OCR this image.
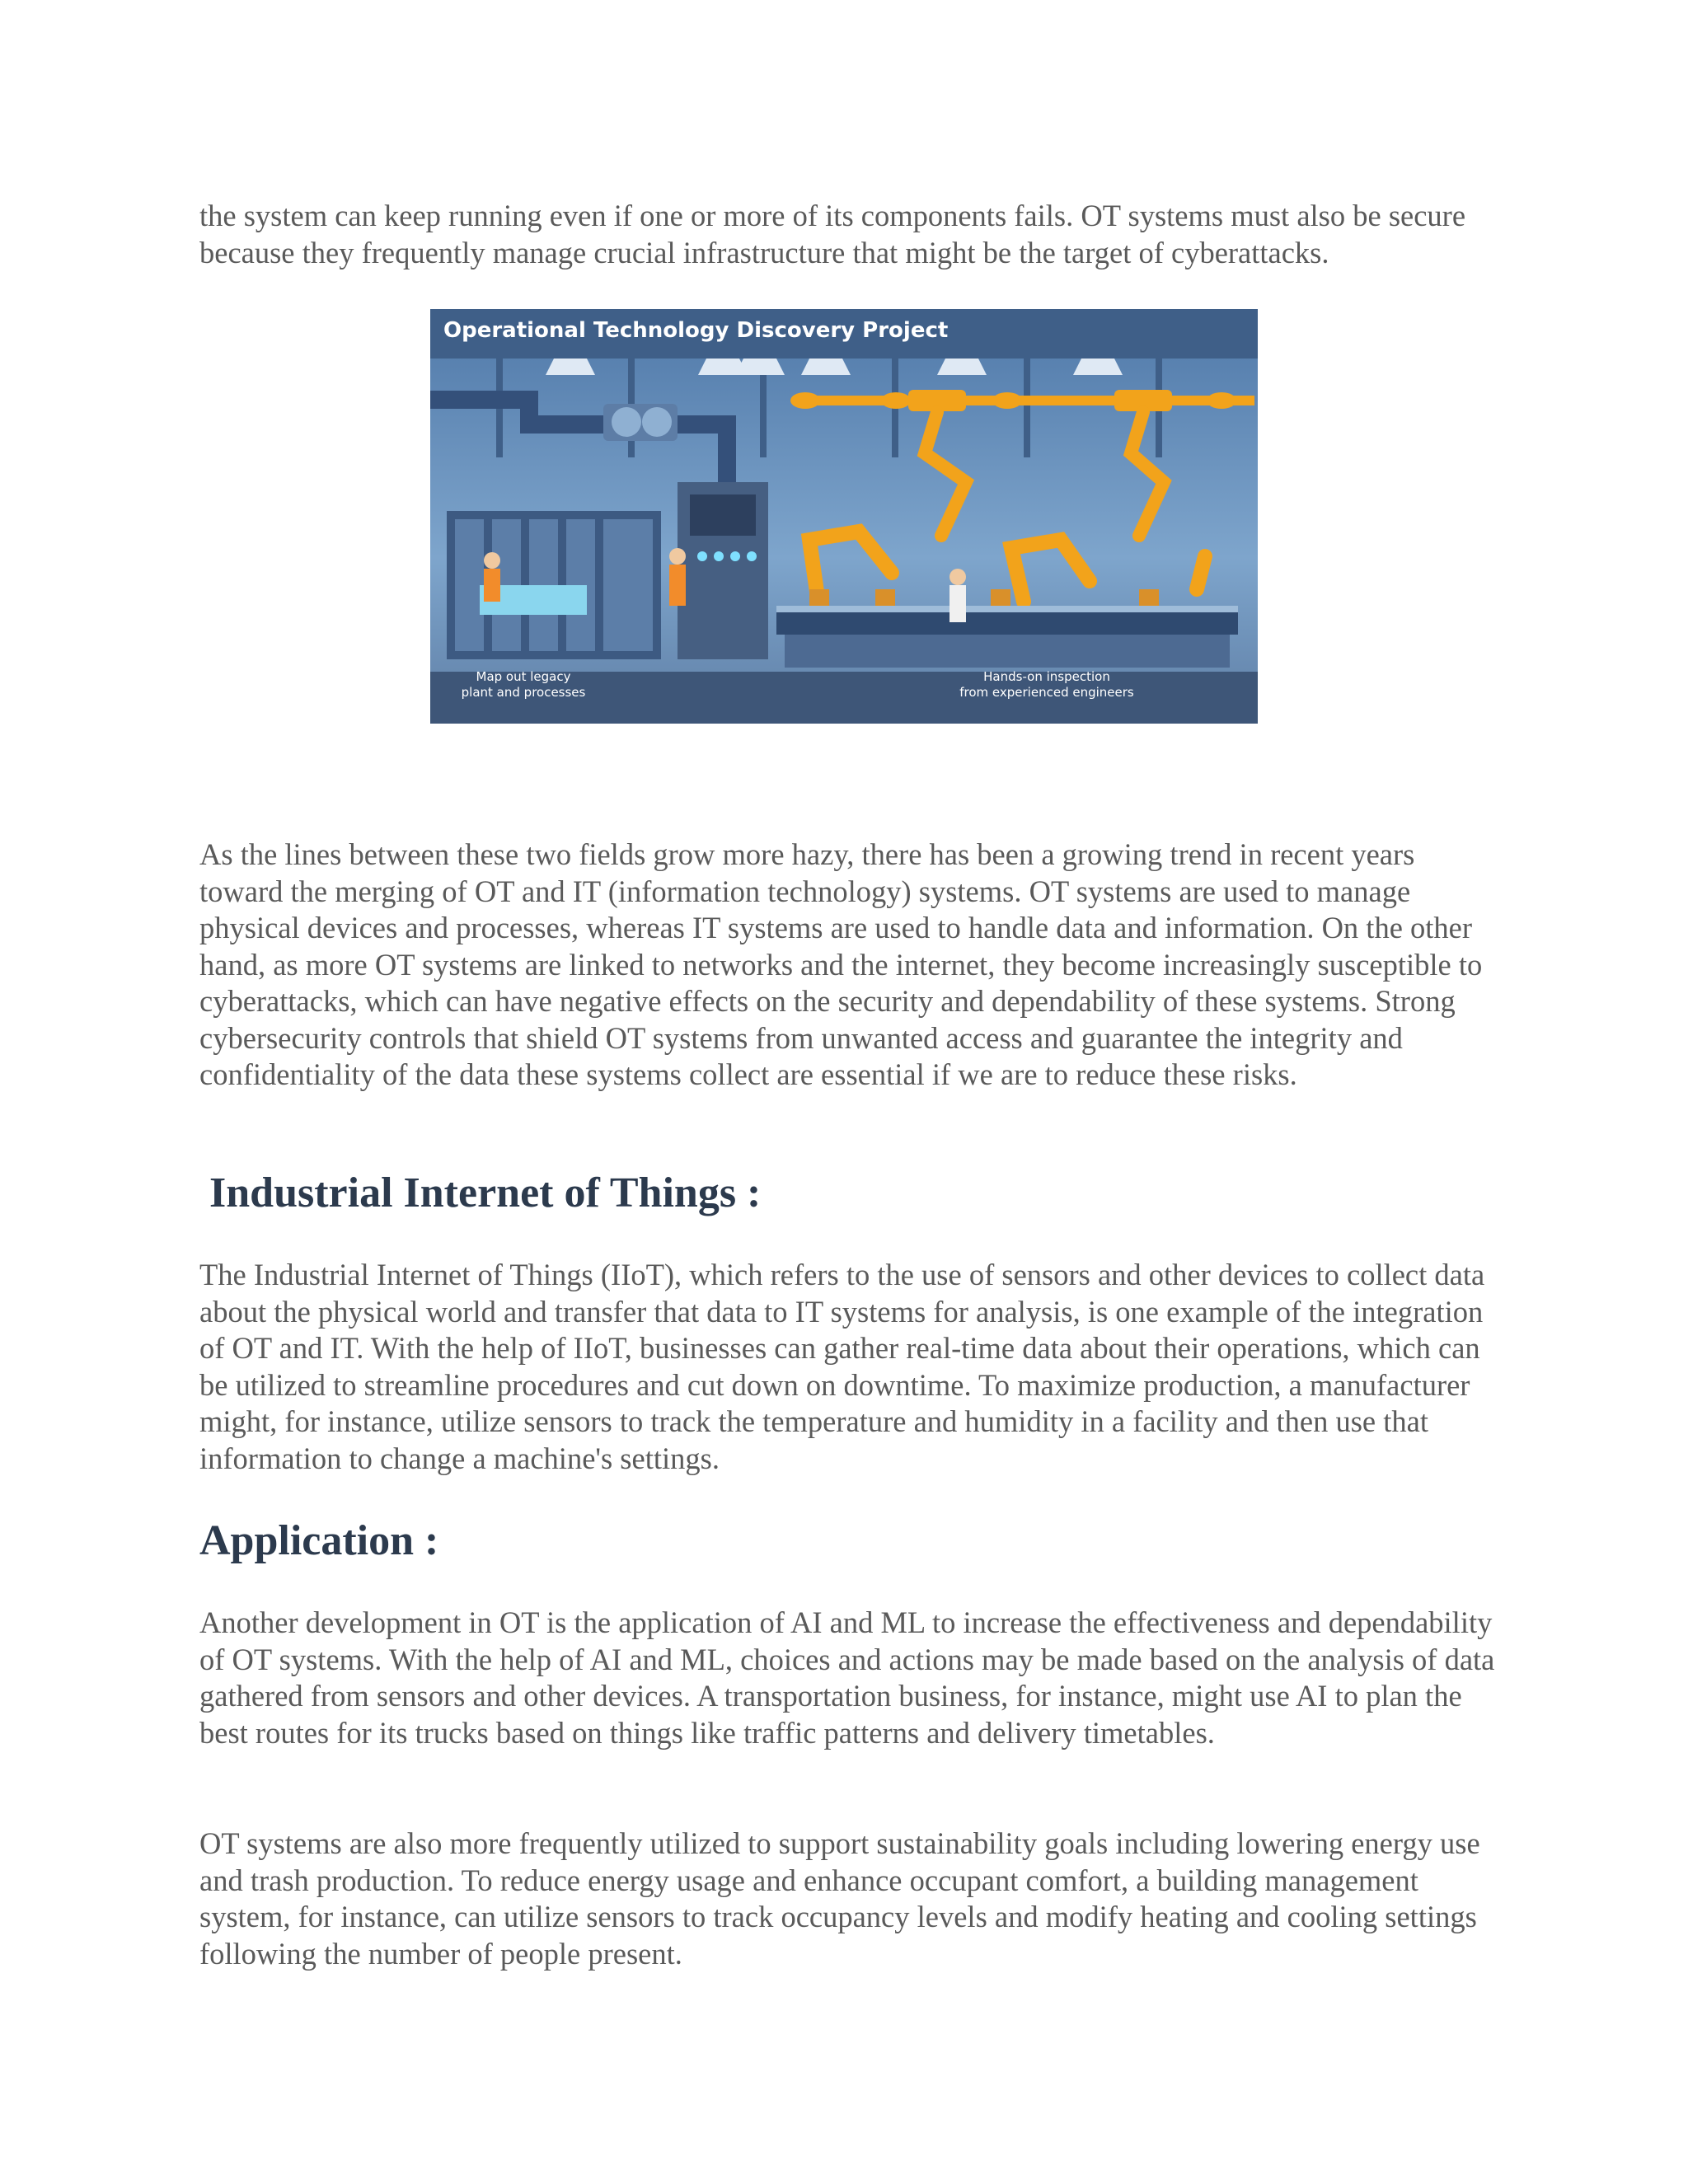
the system can keep running even if one or more of its components fails. OT systems must also be secure because they frequently manage crucial infrastructure that might be the target of cyberattacks.

Operational Technology Discovery Project
Map out legacy
plant and processes
Hands-on inspection
from experienced engineers

As the lines between these two fields grow more hazy, there has been a growing trend in recent years toward the merging of OT and IT (information technology) systems. OT systems are used to manage physical devices and processes, whereas IT systems are used to handle data and information. On the other hand, as more OT systems are linked to networks and the internet, they become increasingly susceptible to cyberattacks, which can have negative effects on the security and dependability of these systems. Strong cybersecurity controls that shield OT systems from unwanted access and guarantee the integrity and confidentiality of the data these systems collect are essential if we are to reduce these risks.

Industrial Internet of Things :

The Industrial Internet of Things (IIoT), which refers to the use of sensors and other devices to collect data about the physical world and transfer that data to IT systems for analysis, is one example of the integration of OT and IT. With the help of IIoT, businesses can gather real-time data about their operations, which can be utilized to streamline procedures and cut down on downtime. To maximize production, a manufacturer might, for instance, utilize sensors to track the temperature and humidity in a facility and then use that information to change a machine's settings.

Application :

Another development in OT is the application of AI and ML to increase the effectiveness and dependability of OT systems. With the help of AI and ML, choices and actions may be made based on the analysis of data gathered from sensors and other devices. A transportation business, for instance, might use AI to plan the best routes for its trucks based on things like traffic patterns and delivery timetables.

OT systems are also more frequently utilized to support sustainability goals including lowering energy use and trash production. To reduce energy usage and enhance occupant comfort, a building management system, for instance, can utilize sensors to track occupancy levels and modify heating and cooling settings following the number of people present.
